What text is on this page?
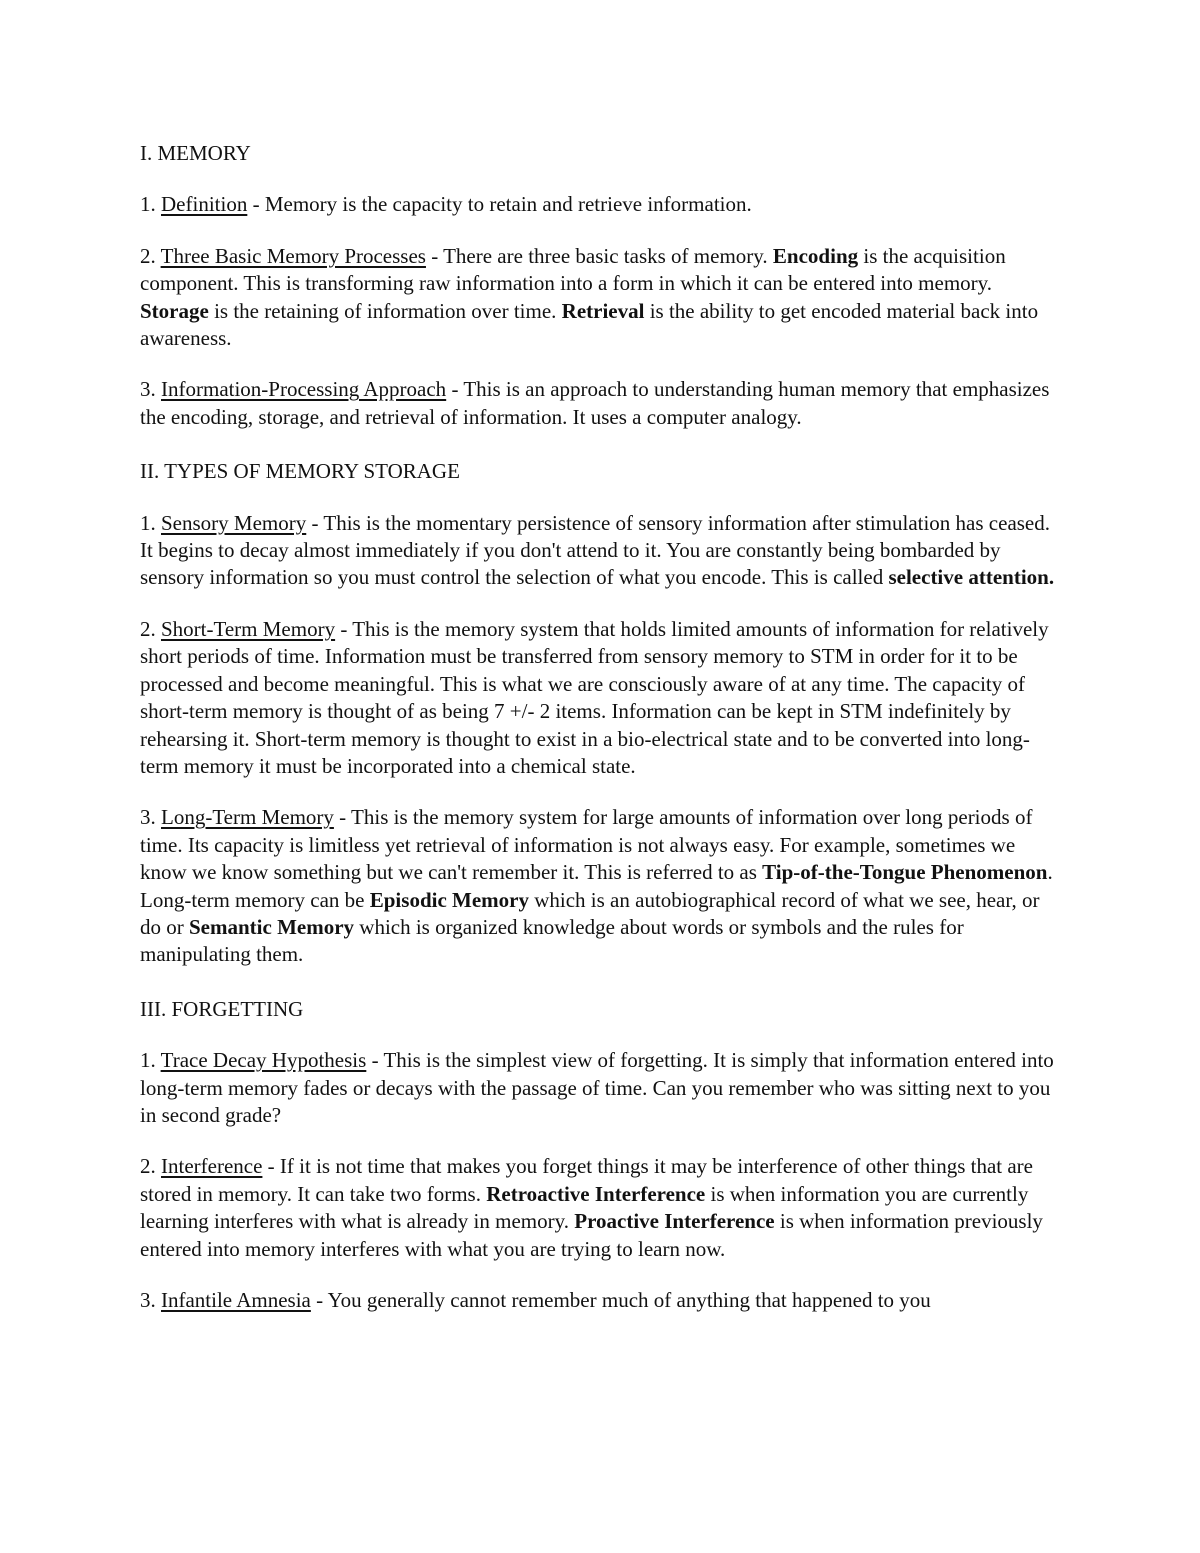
I. MEMORY

1. Definition - Memory is the capacity to retain and retrieve information.

2. Three Basic Memory Processes - There are three basic tasks of memory. Encoding is the acquisition component. This is transforming raw information into a form in which it can be entered into memory. Storage is the retaining of information over time. Retrieval is the ability to get encoded material back into awareness.

3. Information-Processing Approach - This is an approach to understanding human memory that emphasizes the encoding, storage, and retrieval of information. It uses a computer analogy.

II. TYPES OF MEMORY STORAGE

1. Sensory Memory - This is the momentary persistence of sensory information after stimulation has ceased. It begins to decay almost immediately if you don't attend to it. You are constantly being bombarded by sensory information so you must control the selection of what you encode. This is called selective attention.

2. Short-Term Memory - This is the memory system that holds limited amounts of information for relatively short periods of time. Information must be transferred from sensory memory to STM in order for it to be processed and become meaningful. This is what we are consciously aware of at any time. The capacity of short-term memory is thought of as being 7 +/- 2 items. Information can be kept in STM indefinitely by rehearsing it. Short-term memory is thought to exist in a bio-electrical state and to be converted into long-term memory it must be incorporated into a chemical state.

3. Long-Term Memory - This is the memory system for large amounts of information over long periods of time. Its capacity is limitless yet retrieval of information is not always easy. For example, sometimes we know we know something but we can't remember it. This is referred to as Tip-of-the-Tongue Phenomenon. Long-term memory can be Episodic Memory which is an autobiographical record of what we see, hear, or do or Semantic Memory which is organized knowledge about words or symbols and the rules for manipulating them.

III. FORGETTING

1. Trace Decay Hypothesis - This is the simplest view of forgetting. It is simply that information entered into long-term memory fades or decays with the passage of time. Can you remember who was sitting next to you in second grade?

2. Interference - If it is not time that makes you forget things it may be interference of other things that are stored in memory. It can take two forms. Retroactive Interference is when information you are currently learning interferes with what is already in memory. Proactive Interference is when information previously entered into memory interferes with what you are trying to learn now.

3. Infantile Amnesia - You generally cannot remember much of anything that happened to you
